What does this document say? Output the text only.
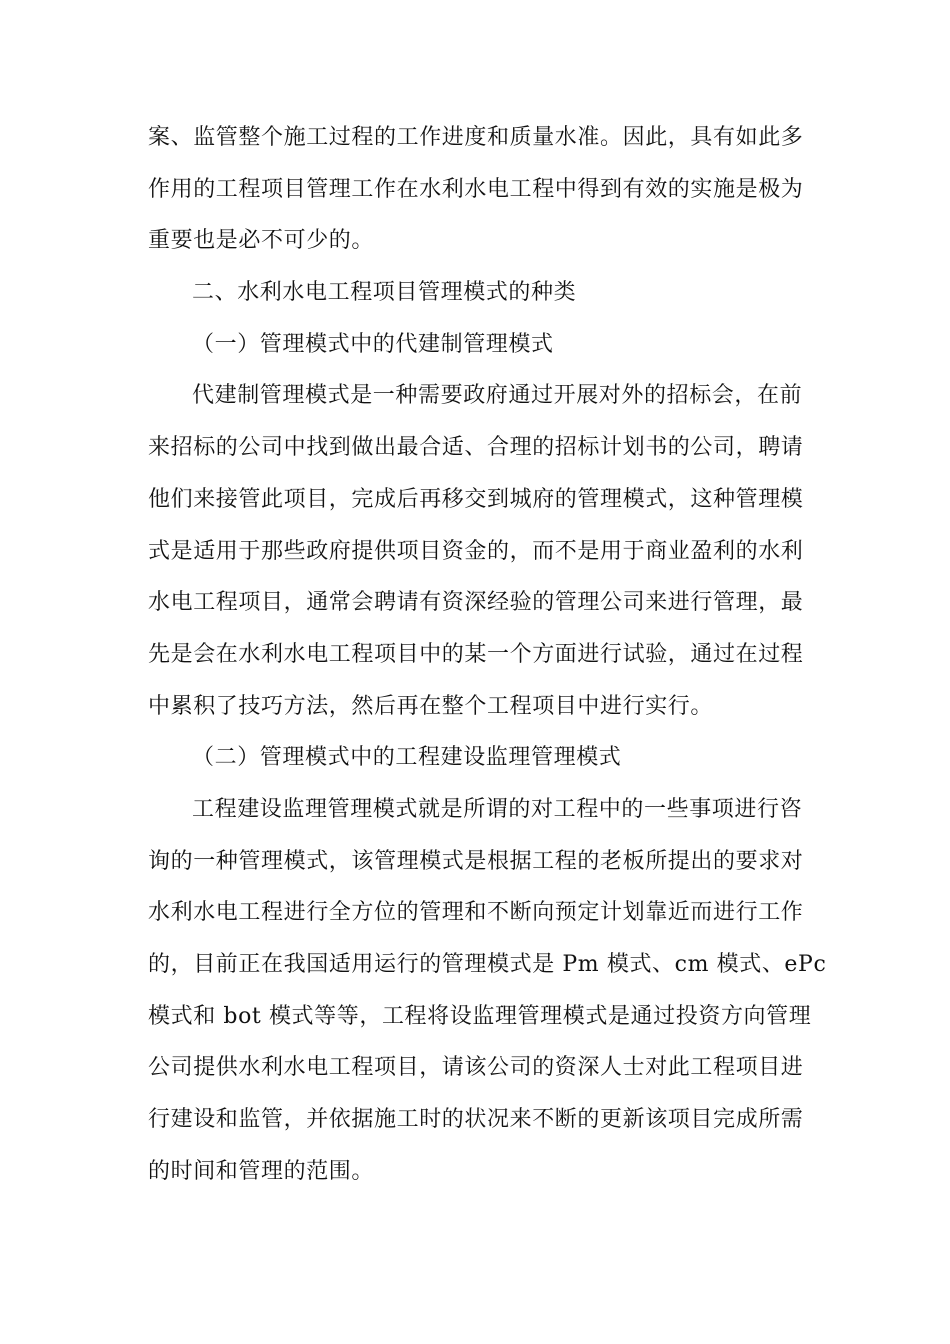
案、监管整个施工过程的工作进度和质量水准。因此，具有如此多
作用的工程项目管理工作在水利水电工程中得到有效的实施是极为
重要也是必不可少的。
二、水利水电工程项目管理模式的种类
（一）管理模式中的代建制管理模式
代建制管理模式是一种需要政府通过开展对外的招标会，在前
来招标的公司中找到做出最合适、合理的招标计划书的公司，聘请
他们来接管此项目，完成后再移交到城府的管理模式，这种管理模
式是适用于那些政府提供项目资金的，而不是用于商业盈利的水利
水电工程项目，通常会聘请有资深经验的管理公司来进行管理，最
先是会在水利水电工程项目中的某一个方面进行试验，通过在过程
中累积了技巧方法，然后再在整个工程项目中进行实行。
（二）管理模式中的工程建设监理管理模式
工程建设监理管理模式就是所谓的对工程中的一些事项进行咨
询的一种管理模式，该管理模式是根据工程的老板所提出的要求对
水利水电工程进行全方位的管理和不断向预定计划靠近而进行工作
的，目前正在我国适用运行的管理模式是 Pm 模式、cm 模式、ePc
模式和 bot 模式等等，工程将设监理管理模式是通过投资方向管理
公司提供水利水电工程项目，请该公司的资深人士对此工程项目进
行建设和监管，并依据施工时的状况来不断的更新该项目完成所需
的时间和管理的范围。
